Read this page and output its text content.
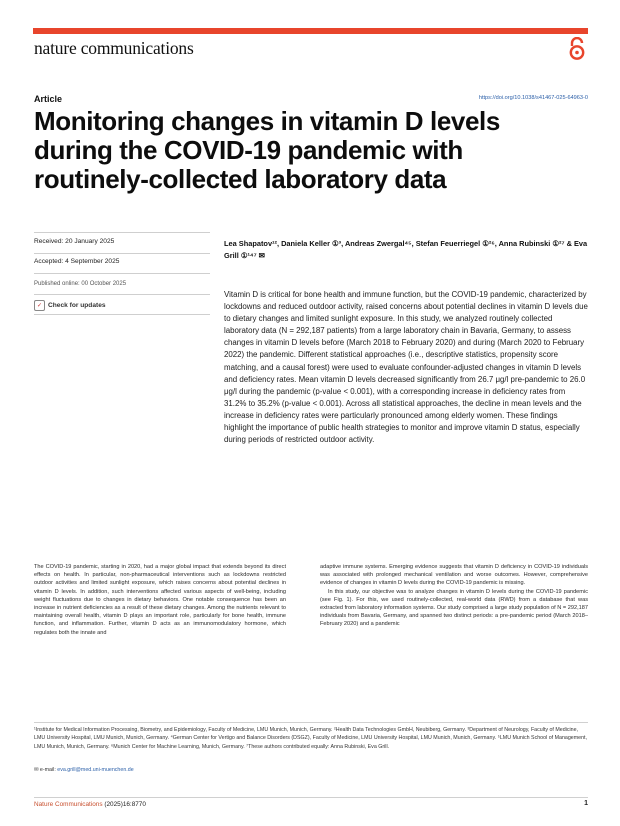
nature communications
Article	https://doi.org/10.1038/s41467-025-64963-0
Monitoring changes in vitamin D levels during the COVID-19 pandemic with routinely-collected laboratory data
Received: 20 January 2025
Accepted: 4 September 2025
Published online: 00 October 2025
✓ Check for updates

Lea Shapatov¹², Daniela Keller ①³, Andreas Zwergal⁴⁵, Stefan Feuerriegel ①²⁶, Anna Rubinski ①²⁷ & Eva Grill ①¹⁴⁷ ✉

Vitamin D is critical for bone health and immune function, but the COVID-19 pandemic, characterized by lockdowns and reduced outdoor activity, raised concerns about potential declines in vitamin D levels due to dietary changes and limited sunlight exposure. In this study, we analyzed routinely collected laboratory data (N = 292,187 patients) from a large laboratory chain in Bavaria, Germany, to assess changes in vitamin D levels before (March 2018 to February 2020) and during (March 2020 to February 2022) the pandemic. Different statistical approaches (i.e., descriptive statistics, propensity score matching, and a causal forest) were used to evaluate confounder-adjusted changes in vitamin D levels and deficiency rates. Mean vitamin D levels decreased significantly from 26.7 μg/l pre-pandemic to 26.0 μg/l during the pandemic (p-value < 0.001), with a corresponding increase in deficiency rates from 31.2% to 35.2% (p-value < 0.001). Across all statistical approaches, the decline in mean levels and the increase in deficiency rates were particularly pronounced among elderly women. These findings highlight the importance of public health strategies to monitor and improve vitamin D status, especially during periods of restricted outdoor activity.

The COVID-19 pandemic, starting in 2020, had a major global impact that extends beyond its direct effects on health. In particular, non-pharmaceutical interventions such as lockdowns restricted outdoor activities and limited sunlight exposure, which raises concerns about potential declines in vitamin D levels. In addition, such interventions affected various aspects of well-being, including weight fluctuations due to changes in dietary behaviors. One notable consequence has been an increase in nutrient deficiencies as a result of these dietary changes. Among the nutrients relevant to maintaining overall health, vitamin D plays an important role, particularly for bone health, immune function, and inflammation. Further, vitamin D acts as an immunomodulatory hormone, which regulates both the innate and

adaptive immune systems. Emerging evidence suggests that vitamin D deficiency in COVID-19 individuals was associated with prolonged mechanical ventilation and worse outcomes. However, comprehensive evidence of changes in vitamin D levels during the COVID-19 pandemic is missing.

In this study, our objective was to analyze changes in vitamin D levels during the COVID-19 pandemic (see Fig. 1). For this, we used routinely-collected, real-world data (RWD) from a database that was extracted from laboratory information systems. Our study comprised a large study population of N = 292,187 individuals from Bavaria, Germany, and spanned two distinct periods: a pre-pandemic period (March 2018–February 2020) and a pandemic

¹Institute for Medical Information Processing, Biometry, and Epidemiology, Faculty of Medicine, LMU Munich, Munich, Germany. ²Health Data Technologies GmbH, Neubiberg, Germany. ³Department of Neurology, Faculty of Medicine, LMU University Hospital, LMU Munich, Munich, Germany. ⁴German Center for Vertigo and Balance Disorders (DSGZ), Faculty of Medicine, LMU University Hospital, LMU Munich, Munich, Germany. ⁵LMU Munich School of Management, LMU Munich, Munich, Germany. ⁶Munich Center for Machine Learning, Munich, Germany. ⁷These authors contributed equally: Anna Rubinski, Eva Grill.

✉ e-mail: eva.grill@med.uni-muenchen.de
Nature Communications (2025)16:8770	1
